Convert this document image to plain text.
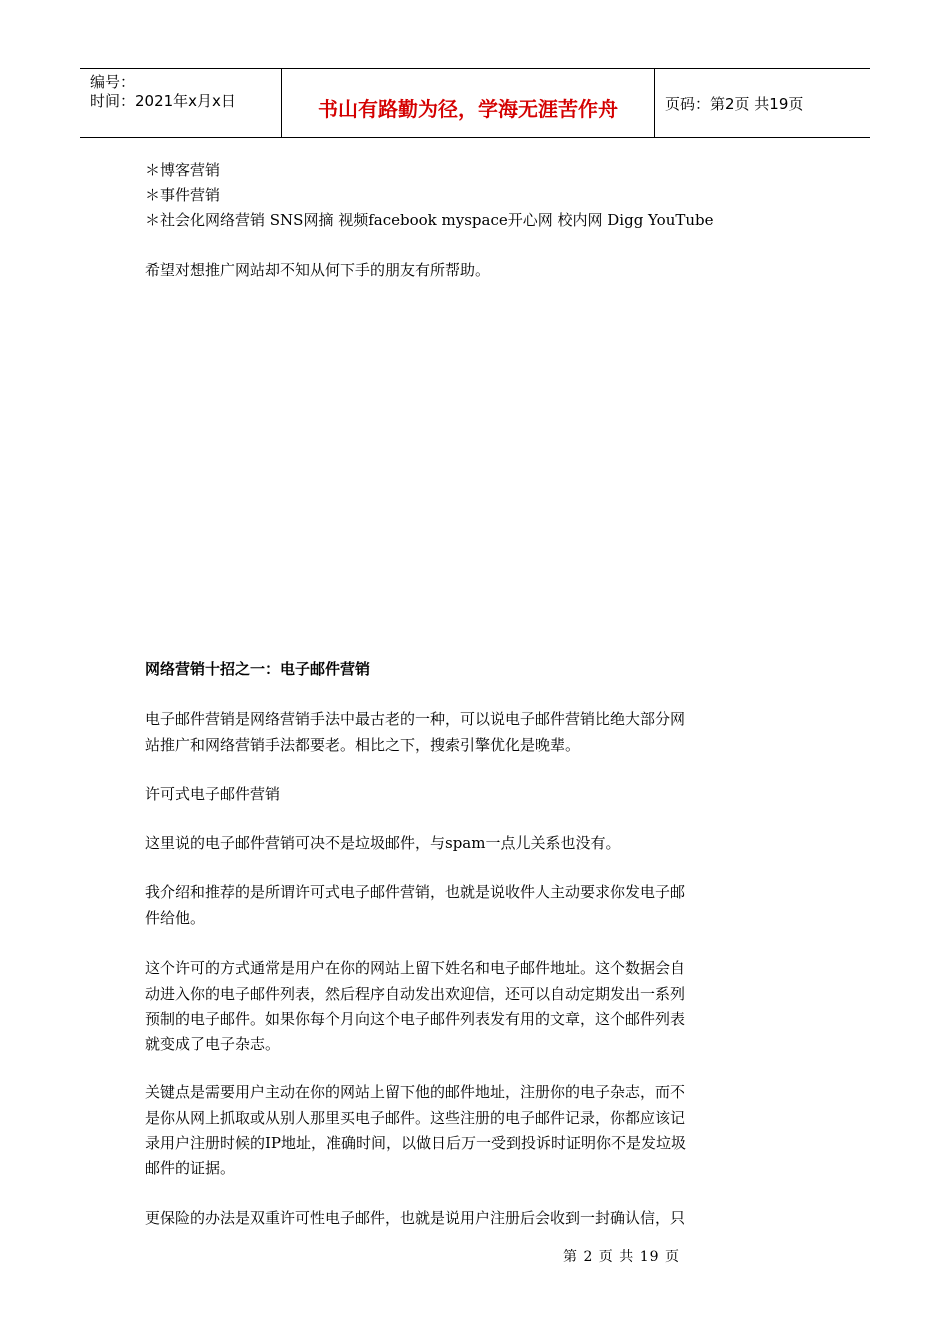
编号：
时间：2021年x月x日	书山有路勤为径，学海无涯苦作舟	页码：第2页 共19页
＊博客营销
＊事件营销
＊社会化网络营销 SNS网摘 视频facebook myspace开心网 校内网 Digg YouTube
希望对想推广网站却不知从何下手的朋友有所帮助。
网络营销十招之一：电子邮件营销
电子邮件营销是网络营销手法中最古老的一种，可以说电子邮件营销比绝大部分网
站推广和网络营销手法都要老。相比之下，搜索引擎优化是晚辈。
许可式电子邮件营销
这里说的电子邮件营销可决不是垃圾邮件，与spam一点儿关系也没有。
我介绍和推荐的是所谓许可式电子邮件营销，也就是说收件人主动要求你发电子邮
件给他。
这个许可的方式通常是用户在你的网站上留下姓名和电子邮件地址。这个数据会自
动进入你的电子邮件列表，然后程序自动发出欢迎信，还可以自动定期发出一系列
预制的电子邮件。如果你每个月向这个电子邮件列表发有用的文章，这个邮件列表
就变成了电子杂志。
关键点是需要用户主动在你的网站上留下他的邮件地址，注册你的电子杂志，而不
是你从网上抓取或从别人那里买电子邮件。这些注册的电子邮件记录，你都应该记
录用户注册时候的IP地址，准确时间，以做日后万一受到投诉时证明你不是发垃圾
邮件的证据。
更保险的办法是双重许可性电子邮件，也就是说用户注册后会收到一封确认信，只
第 2 页 共 19 页
